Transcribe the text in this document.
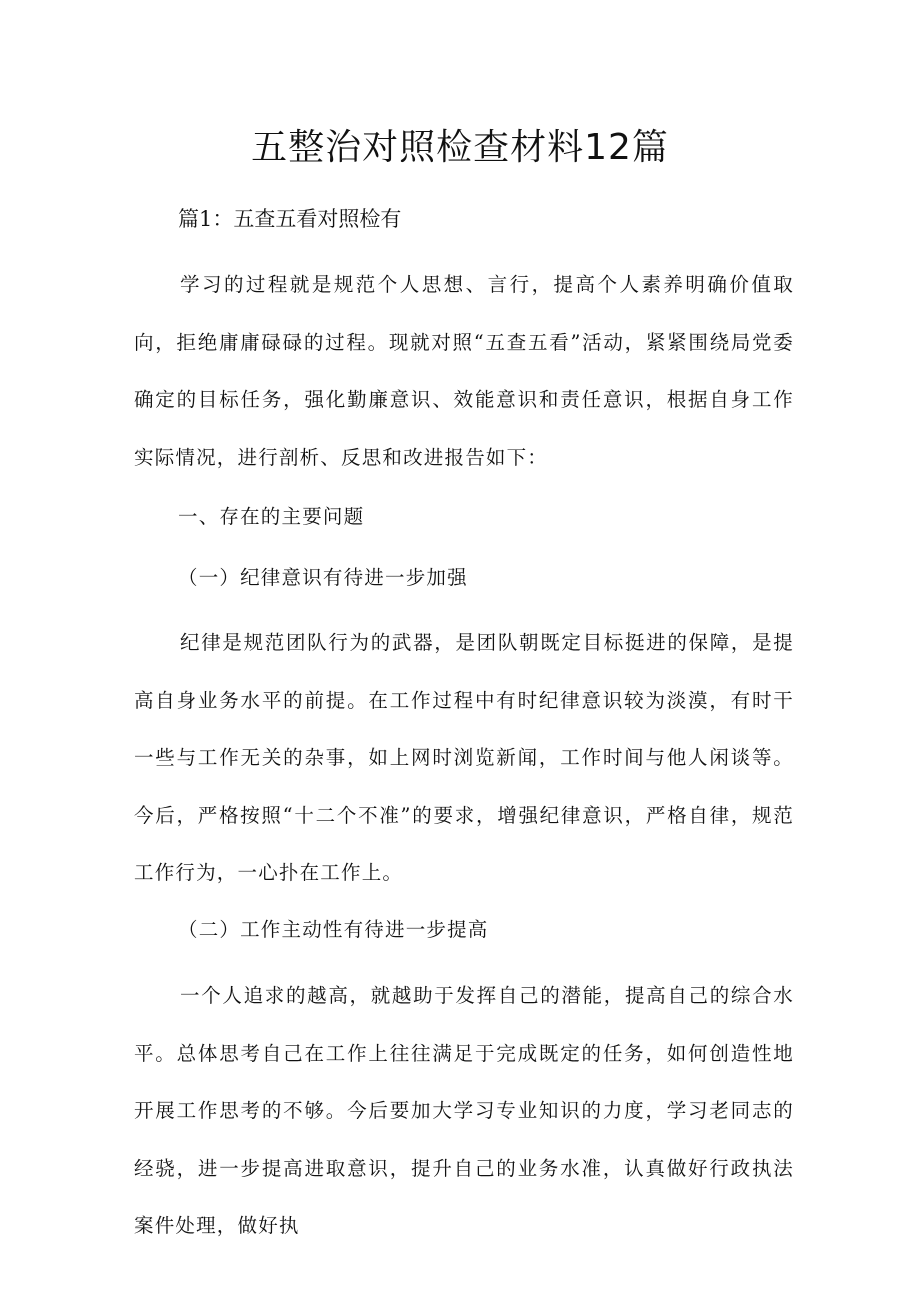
五整治对照检查材料12篇

篇1：五查五看对照检有

学习的过程就是规范个人思想、言行，提高个人素养明确价值取向，拒绝庸庸碌碌的过程。现就对照“五查五看”活动，紧紧围绕局党委确定的目标任务，强化勤廉意识、效能意识和责任意识，根据自身工作实际情况，进行剖析、反思和改进报告如下：

一、存在的主要问题

（一）纪律意识有待进一步加强

纪律是规范团队行为的武器，是团队朝既定目标挺进的保障，是提高自身业务水平的前提。在工作过程中有时纪律意识较为淡漠，有时干一些与工作无关的杂事，如上网时浏览新闻，工作时间与他人闲谈等。今后，严格按照“十二个不准”的要求，增强纪律意识，严格自律，规范工作行为，一心扑在工作上。

（二）工作主动性有待进一步提高

一个人追求的越高，就越助于发挥自己的潜能，提高自己的综合水平。总体思考自己在工作上往往满足于完成既定的任务，如何创造性地开展工作思考的不够。今后要加大学习专业知识的力度，学习老同志的经骁，进一步提高进取意识，提升自己的业务水准，认真做好行政执法案件处理，做好执
